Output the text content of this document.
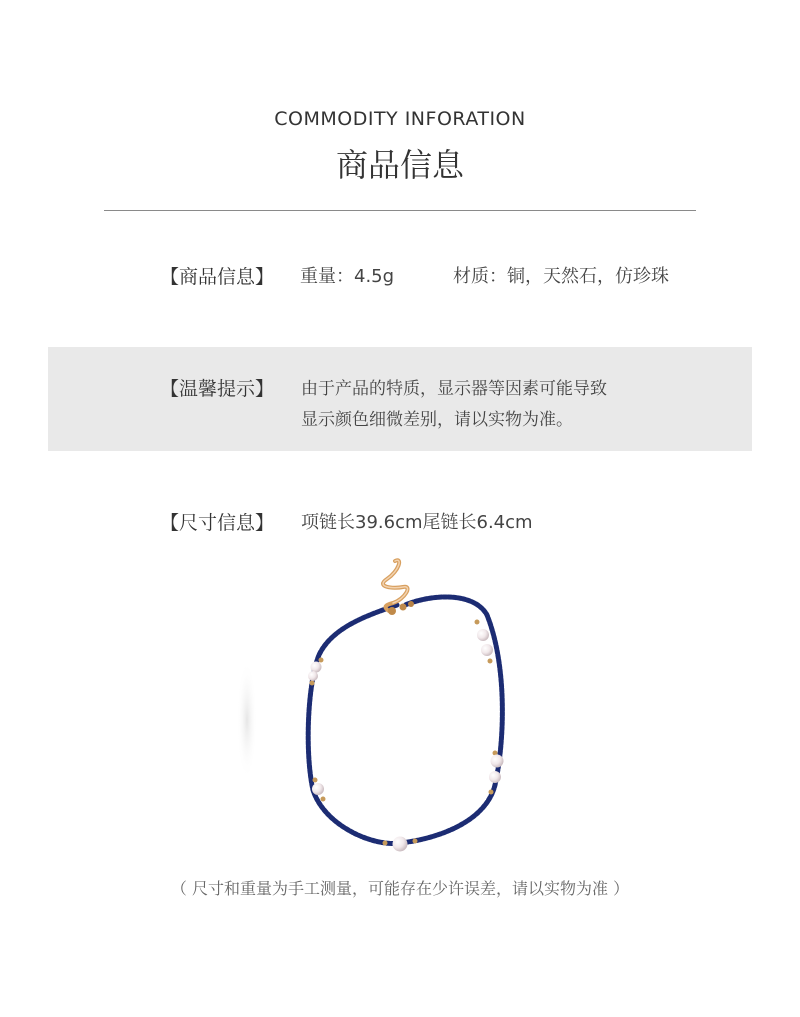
COMMODITY INFORATION
商品信息
【商品信息】 重量：4.5g	材质：铜，天然石，仿珍珠
【温馨提示】 由于产品的特质，显示器等因素可能导致
显示颜色细微差别，请以实物为准。
【尺寸信息】 项链长39.6cm尾链长6.4cm
（ 尺寸和重量为手工测量，可能存在少许误差，请以实物为准 ）
